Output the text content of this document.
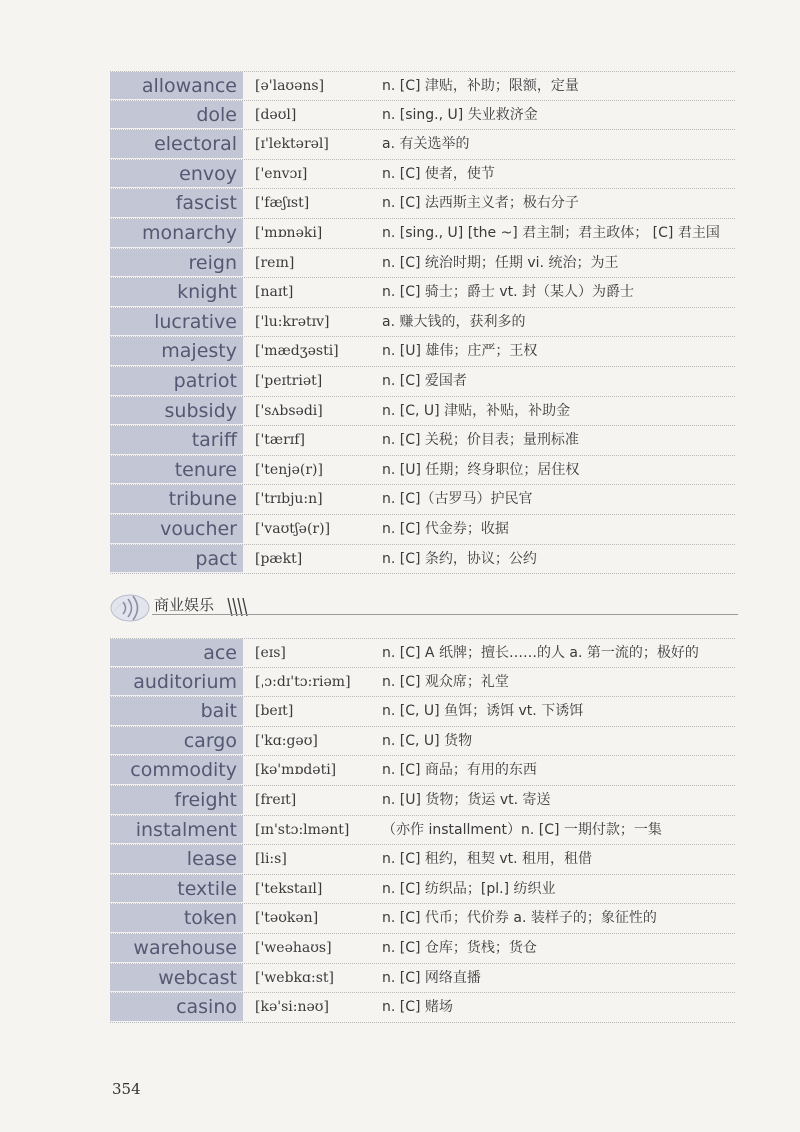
allowance	[ə'laʊəns]	n. [C] 津贴，补助；限额，定量
dole	[dəʊl]	n. [sing., U] 失业救济金
electoral	[ɪ'lektərəl]	a. 有关选举的
envoy	['envɔɪ]	n. [C] 使者，使节
fascist	['fæʃɪst]	n. [C] 法西斯主义者；极右分子
monarchy	['mɒnəki]	n. [sing., U] [the ~] 君主制；君主政体； [C] 君主国
reign	[reɪn]	n. [C] 统治时期；任期 vi. 统治；为王
knight	[naɪt]	n. [C] 骑士；爵士 vt. 封（某人）为爵士
lucrative	['lu:krətɪv]	a. 赚大钱的，获利多的
majesty	['mædʒəsti]	n. [U] 雄伟；庄严；王权
patriot	['peɪtriət]	n. [C] 爱国者
subsidy	['sʌbsədi]	n. [C, U] 津贴，补贴，补助金
tariff	['tærɪf]	n. [C] 关税；价目表；量刑标准
tenure	['tenjə(r)]	n. [U] 任期；终身职位；居住权
tribune	['trɪbju:n]	n. [C]（古罗马）护民官
voucher	['vaʊtʃə(r)]	n. [C] 代金券；收据
pact	[pækt]	n. [C] 条约，协议；公约
商业娱乐
ace	[eɪs]	n. [C] A 纸牌；擅长……的人 a. 第一流的；极好的
auditorium	[ˌɔ:dɪ'tɔ:riəm] n. [C] 观众席；礼堂
bait	[beɪt]	n. [C, U] 鱼饵；诱饵 vt. 下诱饵
cargo	['kɑ:gəʊ]	n. [C, U] 货物
commodity	[kə'mɒdəti]	n. [C] 商品；有用的东西
freight	[freɪt]	n. [U] 货物；货运 vt. 寄送
instalment	[ɪn'stɔ:lmənt] （亦作 installment）n. [C] 一期付款；一集
lease	[li:s]	n. [C] 租约，租契 vt. 租用，租借
textile	['tekstaɪl]	n. [C] 纺织品；[pl.] 纺织业
token	['təʊkən]	n. [C] 代币；代价券 a. 装样子的；象征性的
warehouse	['weəhaʊs]	n. [C] 仓库；货栈；货仓
webcast	['webkɑ:st]	n. [C] 网络直播
casino	[kə'si:nəʊ]	n. [C] 赌场
354
